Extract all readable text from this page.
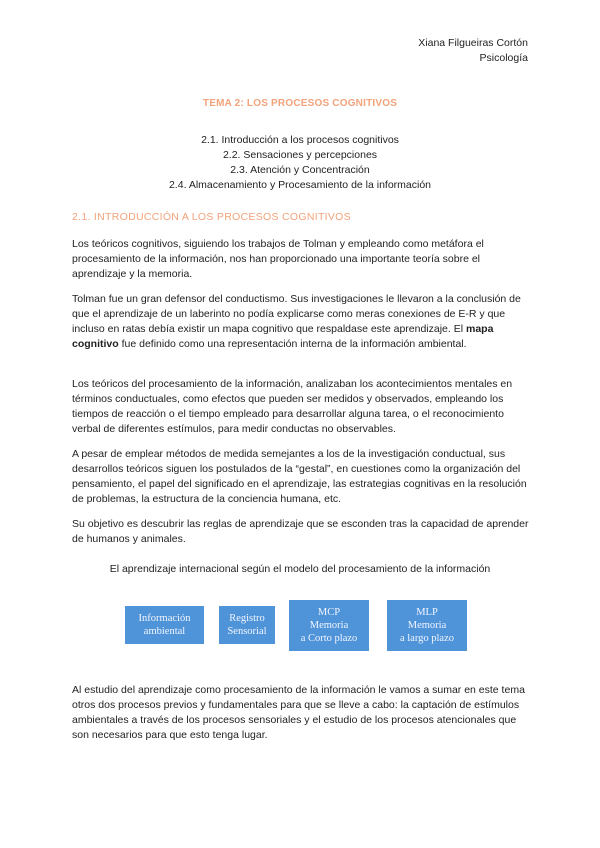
Xiana Filgueiras Cortón
Psicología
TEMA 2: LOS PROCESOS COGNITIVOS
2.1. Introducción a los procesos cognitivos
2.2. Sensaciones y percepciones
2.3. Atención y Concentración
2.4. Almacenamiento y Procesamiento de la información
2.1. INTRODUCCIÓN A LOS PROCESOS COGNITIVOS

Los teóricos cognitivos, siguiendo los trabajos de Tolman y empleando como metáfora el procesamiento de la información, nos han proporcionado una importante teoría sobre el aprendizaje y la memoria.

Tolman fue un gran defensor del conductismo. Sus investigaciones le llevaron a la conclusión de que el aprendizaje de un laberinto no podía explicarse como meras conexiones de E-R y que incluso en ratas debía existir un mapa cognitivo que respaldase este aprendizaje. El mapa cognitivo fue definido como una representación interna de la información ambiental.

Los teóricos del procesamiento de la información, analizaban los acontecimientos mentales en términos conductuales, como efectos que pueden ser medidos y observados, empleando los tiempos de reacción o el tiempo empleado para desarrollar alguna tarea, o el reconocimiento verbal de diferentes estímulos, para medir conductas no observables.

A pesar de emplear métodos de medida semejantes a los de la investigación conductual, sus desarrollos teóricos siguen los postulados de la “gestal”, en cuestiones como la organización del pensamiento, el papel del significado en el aprendizaje, las estrategias cognitivas en la resolución de problemas, la estructura de la conciencia humana, etc.

Su objetivo es descubrir las reglas de aprendizaje que se esconden tras la capacidad de aprender de humanos y animales.

El aprendizaje internacional según el modelo del procesamiento de la información
Información
ambiental
Registro
Sensorial
MCP
Memoria
a Corto plazo
MLP
Memoria
a largo plazo

Al estudio del aprendizaje como procesamiento de la información le vamos a sumar en este tema otros dos procesos previos y fundamentales para que se lleve a cabo: la captación de estímulos ambientales a través de los procesos sensoriales y el estudio de los procesos atencionales que son necesarios para que esto tenga lugar.
